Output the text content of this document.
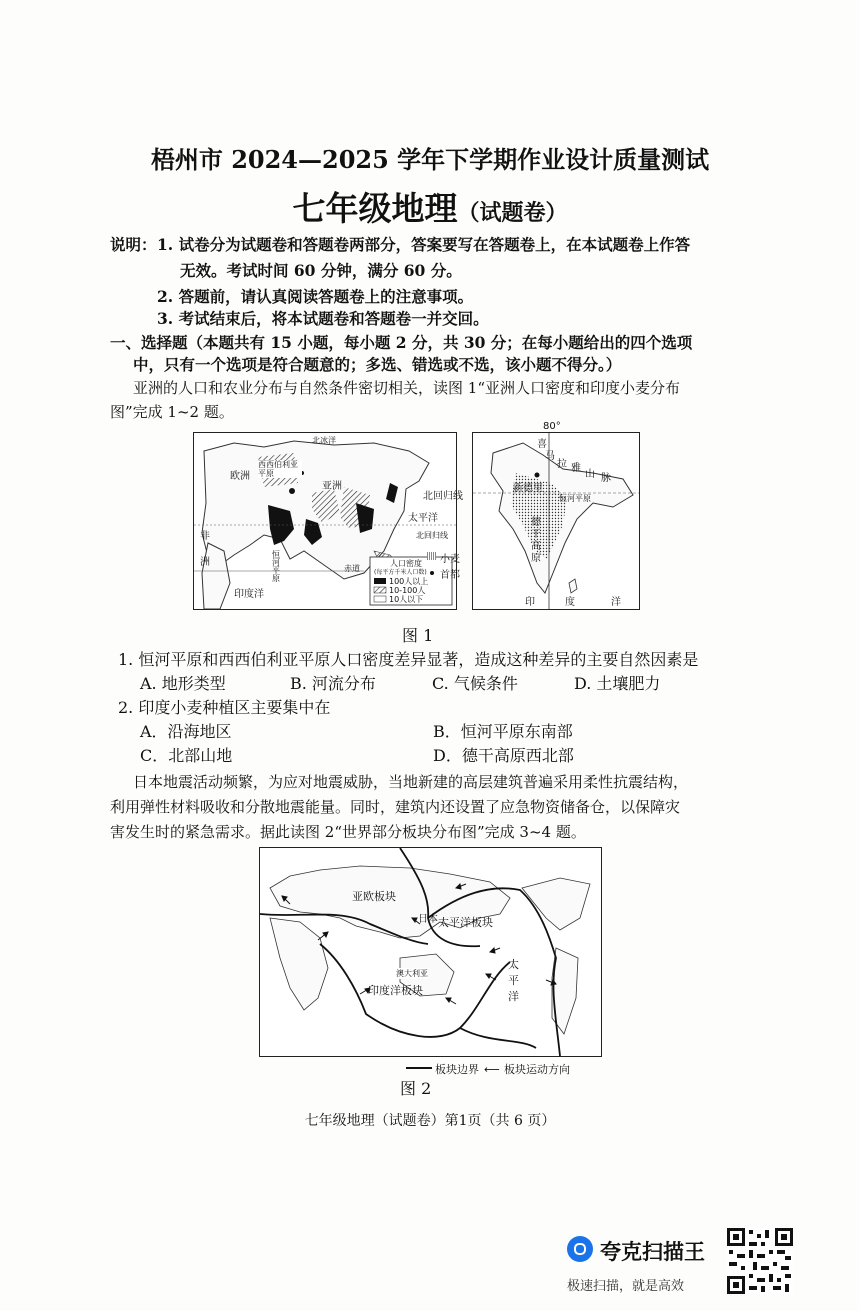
梧州市 2024—2025 学年下学期作业设计质量测试
七年级地理（试题卷）
说明： 1. 试卷分为试题卷和答题卷两部分，答案要写在答题卷上，在本试题卷上作答
无效。考试时间 60 分钟，满分 60 分。
2. 答题前，请认真阅读答题卷上的注意事项。
3. 考试结束后，将本试题卷和答题卷一并交回。
一、选择题（本题共有 15 小题，每小题 2 分，共 30 分；在每小题给出的四个选项
中，只有一个选项是符合题意的；多选、错选或不选，该小题不得分。）
亚洲的人口和农业分布与自然条件密切相关，读图 1“亚洲人口密度和印度小麦分布
图”完成 1~2 题。
北冰洋
欧洲
西西伯利亚平原
亚洲
太平洋
北回归线
非
洲
恒河平原
印度洋
赤道
人口密度
(每平方千米人口数)
100人以上
10-100人
10人以下
80°
喜
马
拉 雅
山 脉
新德里
恒河平原
德
干
高
原
印	度	洋
北回归线
小麦
首都
图 1
1. 恒河平原和西西伯利亚平原人口密度差异显著，造成这种差异的主要自然因素是
A. 地形类型	B. 河流分布	C. 气候条件	D. 土壤肥力
2. 印度小麦种植区主要集中在
A．沿海地区	B．恒河平原东南部
C．北部山地	D．德干高原西北部
日本地震活动频繁，为应对地震威胁，当地新建的高层建筑普遍采用柔性抗震结构，
利用弹性材料吸收和分散地震能量。同时，建筑内还设置了应急物资储备仓，以保障灾
害发生时的紧急需求。据此读图 2“世界部分板块分布图”完成 3~4 题。
亚欧板块
日本 太平洋板块
太
平
洋
澳大利亚
印度洋板块
板块边界 ⟵ 板块运动方向
图 2
七年级地理（试题卷）第1页（共 6 页）
夸克扫描王
极速扫描，就是高效
